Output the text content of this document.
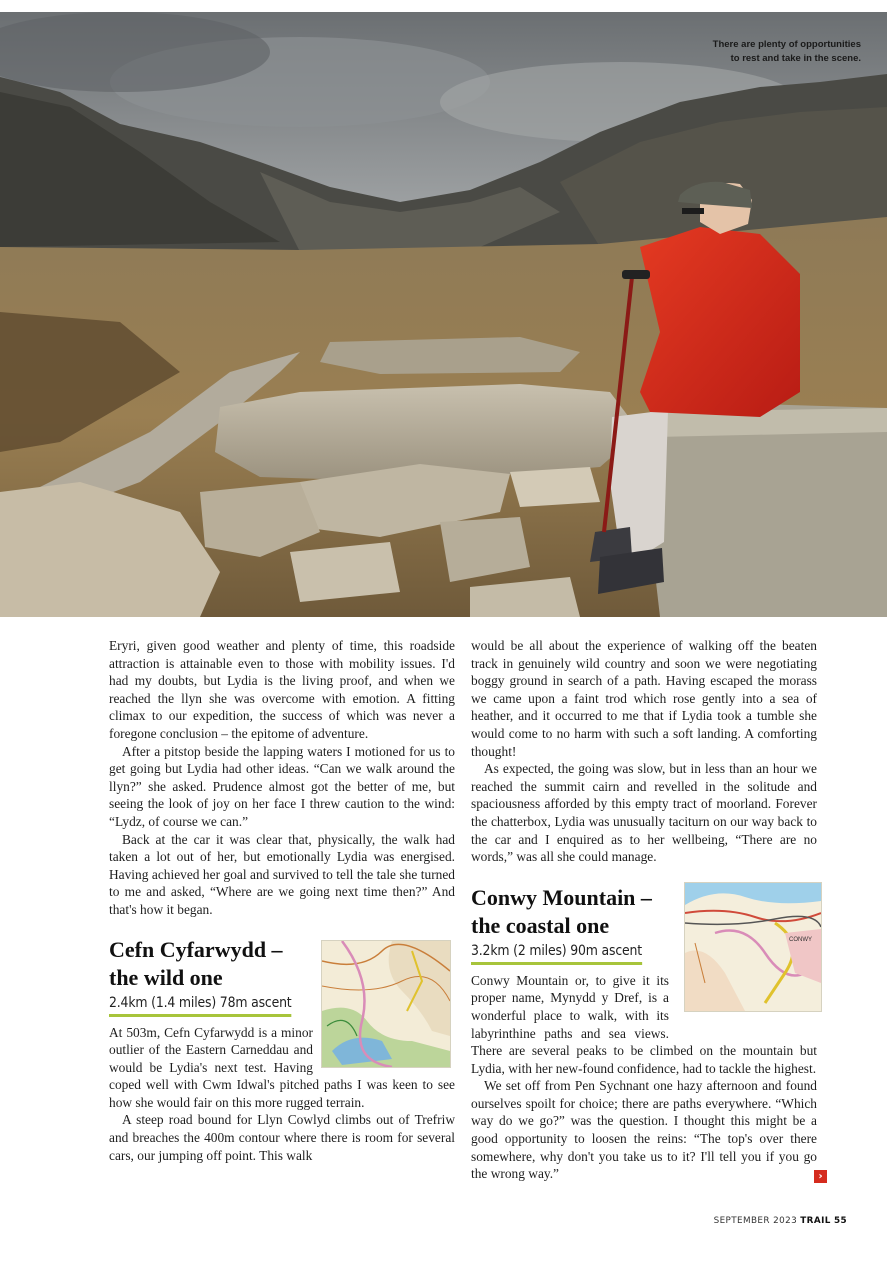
There are plenty of opportunities
to rest and take in the scene.

Eryri, given good weather and plenty of time, this roadside attraction is attainable even to those with mobility issues. I'd had my doubts, but Lydia is the living proof, and when we reached the llyn she was overcome with emotion. A fitting climax to our expedition, the success of which was never a foregone conclusion – the epitome of adventure.

After a pitstop beside the lapping waters I motioned for us to get going but Lydia had other ideas. “Can we walk around the llyn?” she asked. Prudence almost got the better of me, but seeing the look of joy on her face I threw caution to the wind: “Lydz, of course we can.”

Back at the car it was clear that, physically, the walk had taken a lot out of her, but emotionally Lydia was energised. Having achieved her goal and survived to tell the tale she turned to me and asked, “Where are we going next time then?” And that's how it began.

Cefn Cyfarwydd –
the wild one
2.4km (1.4 miles) 78m ascent

At 503m, Cefn Cyfarwydd is a minor outlier of the Eastern Carneddau and would be Lydia's next test. Having coped well with Cwm Idwal's pitched paths I was keen to see how she would fair on this more rugged terrain.

A steep road bound for Llyn Cowlyd climbs out of Trefriw and breaches the 400m contour where there is room for several cars, our jumping off point. This walk

would be all about the experience of walking off the beaten track in genuinely wild country and soon we were negotiating boggy ground in search of a path. Having escaped the morass we came upon a faint trod which rose gently into a sea of heather, and it occurred to me that if Lydia took a tumble she would come to no harm with such a soft landing. A comforting thought!

As expected, the going was slow, but in less than an hour we reached the summit cairn and revelled in the solitude and spaciousness afforded by this empty tract of moorland. Forever the chatterbox, Lydia was unusually taciturn on our way back to the car and I enquired as to her wellbeing, “There are no words,” was all she could manage.

CONWY
Conwy Mountain –
the coastal one
3.2km (2 miles) 90m ascent

Conwy Mountain or, to give it its proper name, Mynydd y Dref, is a wonderful place to walk, with its labyrinthine paths and sea views. There are several peaks to be climbed on the mountain but Lydia, with her new-found confidence, had to tackle the highest.

We set off from Pen Sychnant one hazy afternoon and found ourselves spoilt for choice; there are paths everywhere. “Which way do we go?” was the question. I thought this might be a good opportunity to loosen the reins: “The top's over there somewhere, why don't you take us to it? I'll tell you if you go the wrong way.”	›
SEPTEMBER 2023 TRAIL 55
